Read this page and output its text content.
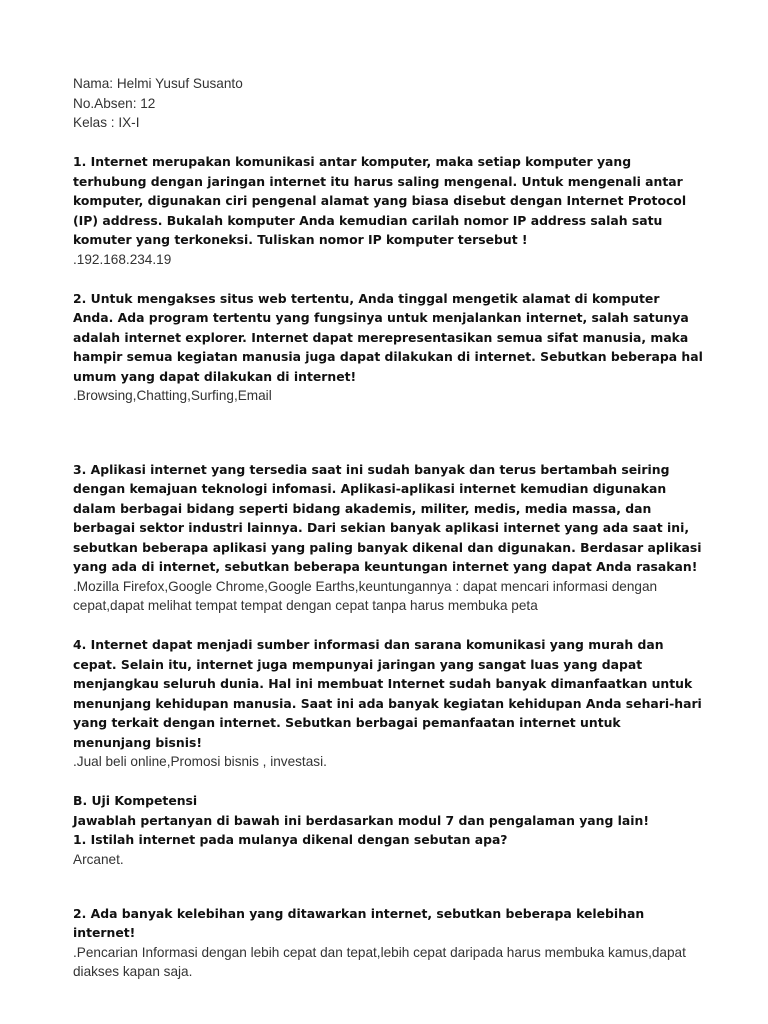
Nama: Helmi Yusuf Susanto
No.Absen: 12
Kelas : IX-I
1. Internet merupakan komunikasi antar komputer, maka setiap komputer yang terhubung dengan jaringan internet itu harus saling mengenal. Untuk mengenali antar komputer, digunakan ciri pengenal alamat yang biasa disebut dengan Internet Protocol (IP) address. Bukalah komputer Anda kemudian carilah nomor IP address salah satu komuter yang terkoneksi. Tuliskan nomor IP komputer tersebut !
.192.168.234.19
2. Untuk mengakses situs web tertentu, Anda tinggal mengetik alamat di komputer Anda. Ada program tertentu yang fungsinya untuk menjalankan internet, salah satunya adalah internet explorer. Internet dapat merepresentasikan semua sifat manusia, maka hampir semua kegiatan manusia juga dapat dilakukan di internet. Sebutkan beberapa hal umum yang dapat dilakukan di internet!
.Browsing,Chatting,Surfing,Email
3. Aplikasi internet yang tersedia saat ini sudah banyak dan terus bertambah seiring dengan kemajuan teknologi infomasi. Aplikasi-aplikasi internet kemudian digunakan dalam berbagai bidang seperti bidang akademis, militer, medis, media massa, dan berbagai sektor industri lainnya. Dari sekian banyak aplikasi internet yang ada saat ini, sebutkan beberapa aplikasi yang paling banyak dikenal dan digunakan. Berdasar aplikasi yang ada di internet, sebutkan beberapa keuntungan internet yang dapat Anda rasakan!
.Mozilla Firefox,Google Chrome,Google Earths,keuntungannya : dapat mencari informasi dengan cepat,dapat melihat tempat tempat dengan cepat tanpa harus membuka peta
4. Internet dapat menjadi sumber informasi dan sarana komunikasi yang murah dan cepat. Selain itu, internet juga mempunyai jaringan yang sangat luas yang dapat menjangkau seluruh dunia. Hal ini membuat Internet sudah banyak dimanfaatkan untuk menunjang kehidupan manusia. Saat ini ada banyak kegiatan kehidupan Anda sehari-hari yang terkait dengan internet. Sebutkan berbagai pemanfaatan internet untuk menunjang bisnis!
.Jual beli online,Promosi bisnis , investasi.
B. Uji Kompetensi
Jawablah pertanyan di bawah ini berdasarkan modul 7 dan pengalaman yang lain!
1. Istilah internet pada mulanya dikenal dengan sebutan apa?
Arcanet.
2. Ada banyak kelebihan yang ditawarkan internet, sebutkan beberapa kelebihan internet!
.Pencarian Informasi dengan lebih cepat dan tepat,lebih cepat daripada harus membuka kamus,dapat diakses kapan saja.
